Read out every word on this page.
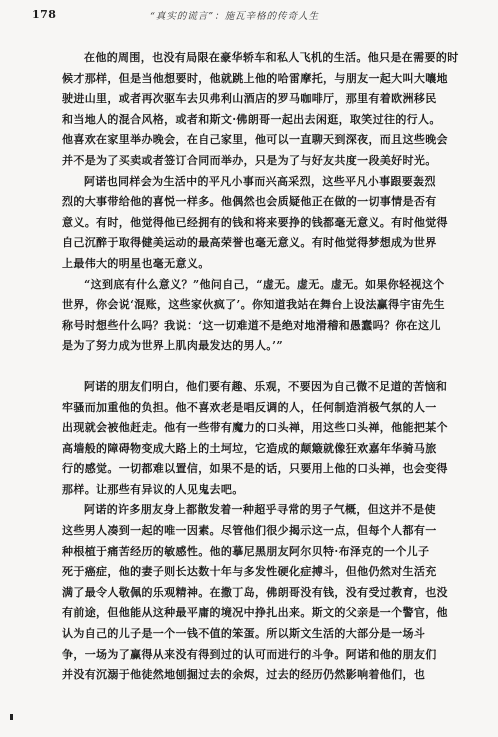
178	“真实的谎言”：施瓦辛格的传奇人生
在他的周围，也没有局限在豪华轿车和私人飞机的生活。他只是在需要的时
候才那样，但是当他想要时，他就跳上他的哈雷摩托，与朋友一起大叫大嚷地
驶进山里，或者再次驱车去贝弗利山酒店的罗马咖啡厅，那里有着欧洲移民
和当地人的混合风格，或者和斯文·佛朗哥一起出去闲逛，取笑过往的行人。
他喜欢在家里举办晚会，在自己家里，他可以一直聊天到深夜，而且这些晚会
并不是为了买卖或者签订合同而举办，只是为了与好友共度一段美好时光。
阿诺也同样会为生活中的平凡小事而兴高采烈，这些平凡小事跟要轰烈
烈的大事带给他的喜悦一样多。他偶然也会质疑他正在做的一切事情是否有
意义。有时，他觉得他已经拥有的钱和将来要挣的钱都毫无意义。有时他觉得
自己沉醉于取得健美运动的最高荣誉也毫无意义。有时他觉得梦想成为世界
上最伟大的明星也毫无意义。
“这到底有什么意义？”他问自己，“虚无。虚无。虚无。如果你轻视这个
世界，你会说‘混账，这些家伙疯了’。你知道我站在舞台上设法赢得宇宙先生
称号时想些什么吗？我说：‘这一切难道不是绝对地滑稽和愚蠢吗？你在这儿
是为了努力成为世界上肌肉最发达的男人。’”
阿诺的朋友们明白，他们要有趣、乐观，不要因为自己微不足道的苦恼和
牢骚而加重他的负担。他不喜欢老是唱反调的人，任何制造消极气氛的人一
出现就会被他赶走。他有一些带有魔力的口头禅，用这些口头禅，他能把某个
高墙般的障碍物变成大路上的土坷垃，它造成的颠簸就像狂欢嘉年华骑马旅
行的感觉。一切都难以置信，如果不是的话，只要用上他的口头禅，也会变得
那样。让那些有异议的人见鬼去吧。
阿诺的许多朋友身上都散发着一种超乎寻常的男子气概，但这并不是使
这些男人凑到一起的唯一因素。尽管他们很少揭示这一点，但每个人都有一
种根植于痛苦经历的敏感性。他的摹尼黑朋友阿尔贝特·布泽克的一个儿子
死于癌症，他的妻子则长达数十年与多发性硬化症搏斗，但他仍然对生活充
满了最令人敬佩的乐观精神。在撒丁岛，佛朗哥没有钱，没有受过教育，也没
有前途，但他能从这种最平庸的境况中挣扎出来。斯文的父亲是一个警官，他
认为自己的儿子是一个一钱不值的笨蛋。所以斯文生活的大部分是一场斗
争，一场为了赢得从来没有得到过的认可而进行的斗争。阿诺和他的朋友们
并没有沉溺于他徒然地刨掘过去的余烬，过去的经历仍然影响着他们，也
